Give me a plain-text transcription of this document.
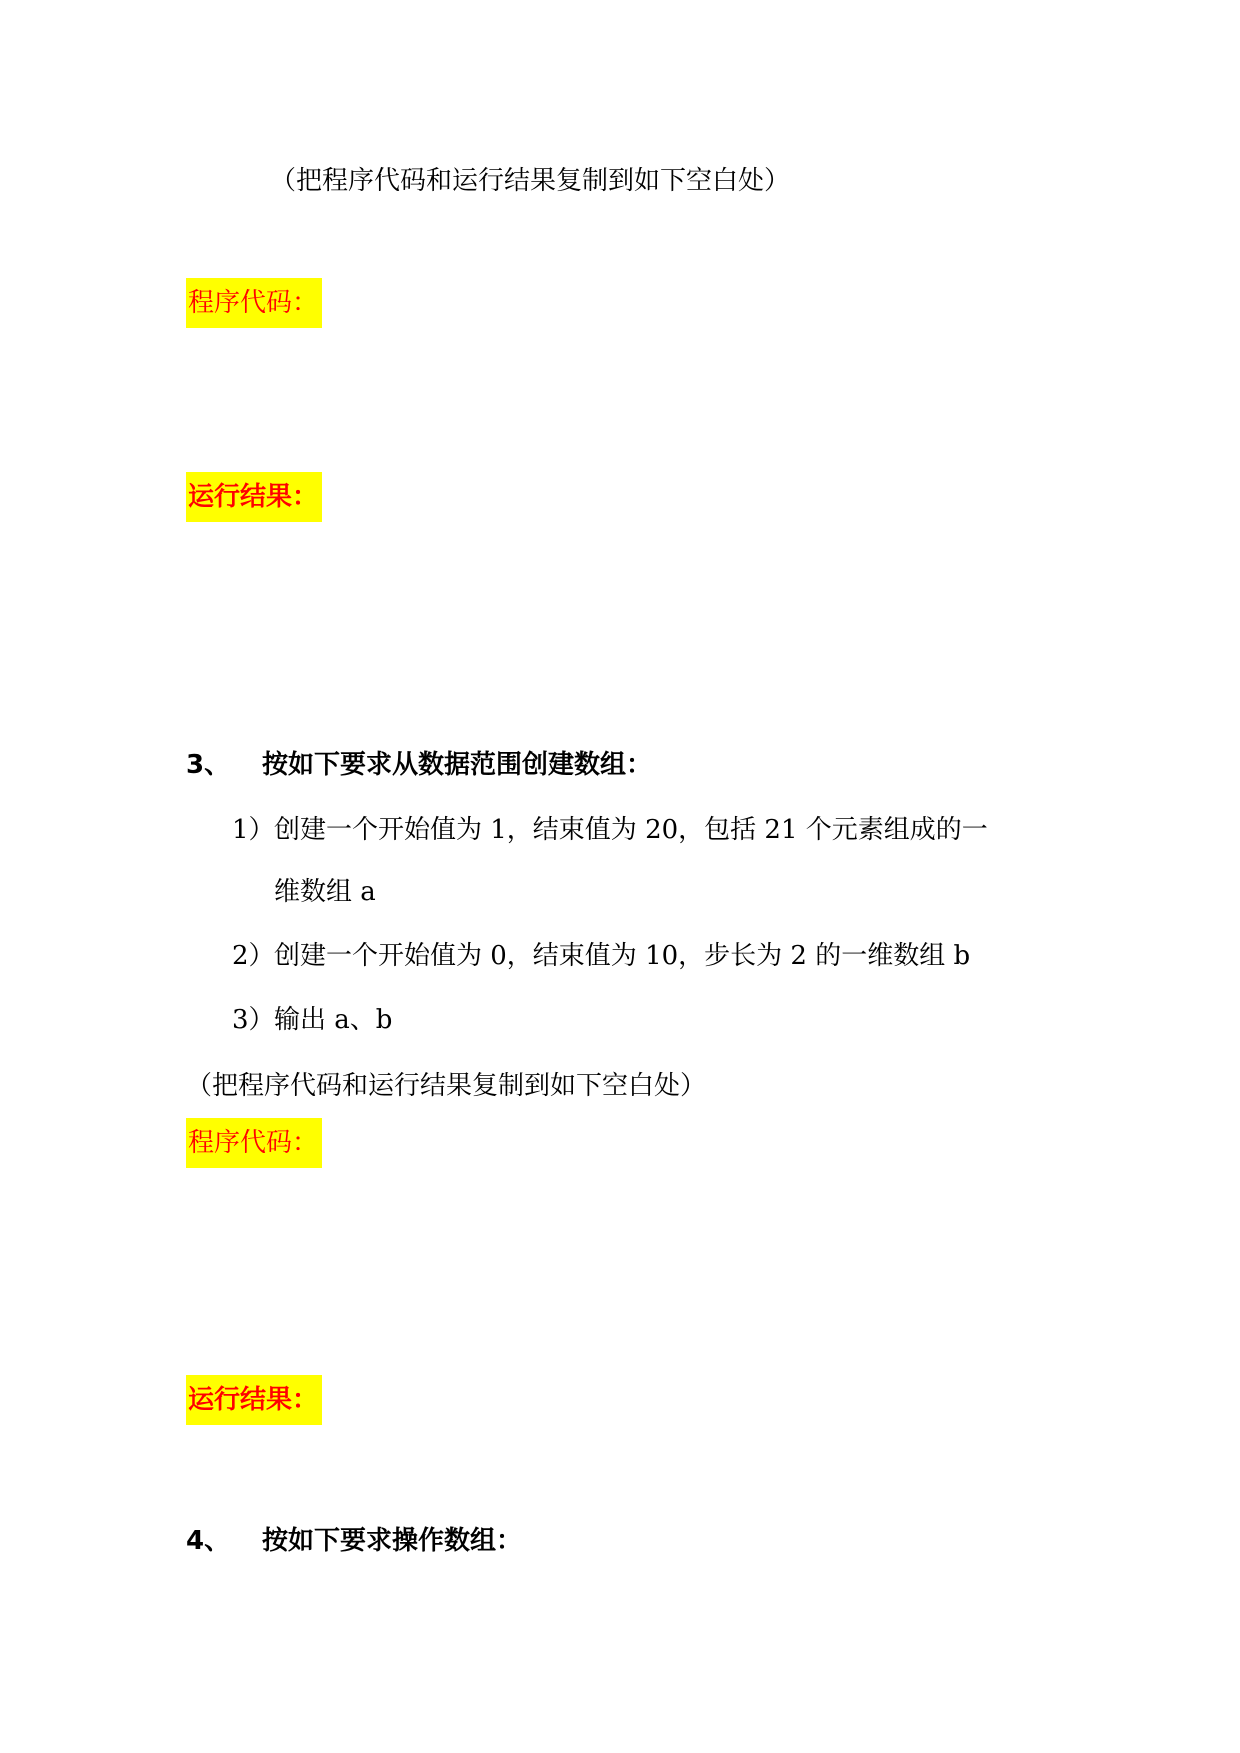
（把程序代码和运行结果复制到如下空白处）
程序代码：
运行结果：
3、 按如下要求从数据范围创建数组：
1）创建一个开始值为 1，结束值为 20，包括 21 个元素组成的一
维数组 a
2）创建一个开始值为 0，结束值为 10，步长为 2 的一维数组 b
3）输出 a、b
（把程序代码和运行结果复制到如下空白处）
程序代码：
运行结果：
4、 按如下要求操作数组：
